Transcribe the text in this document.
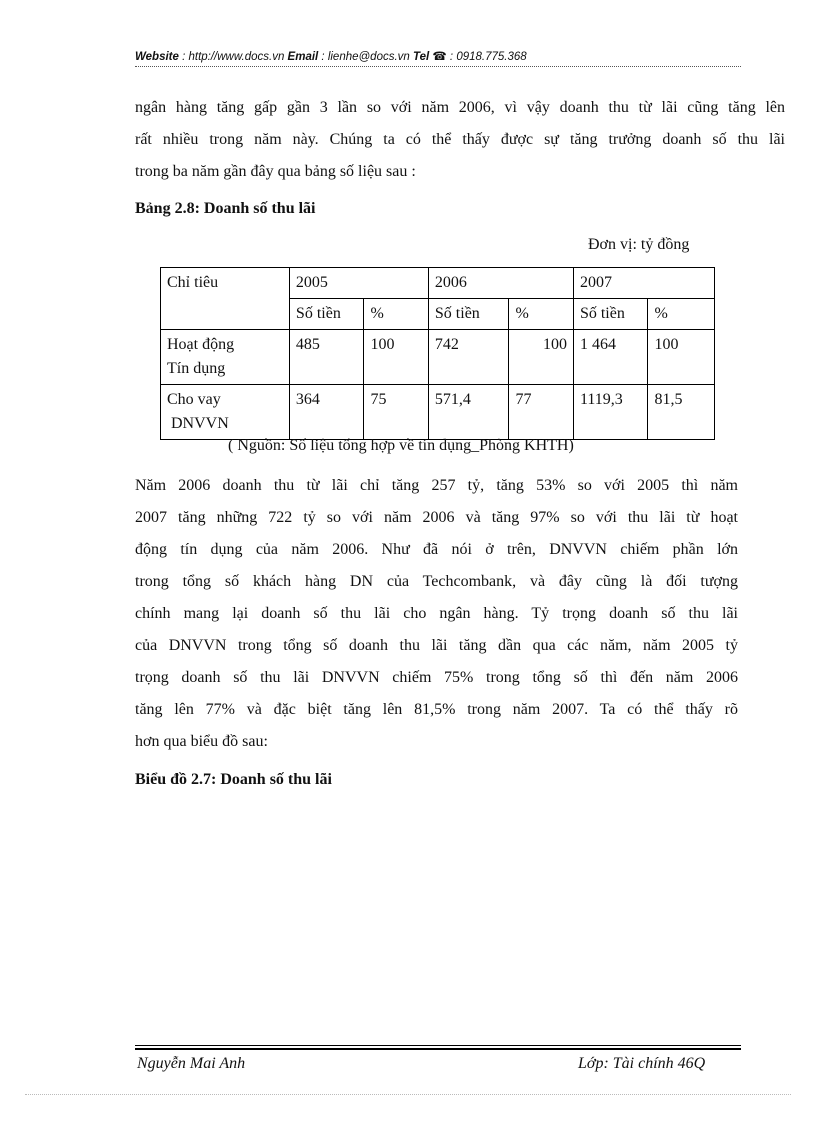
Website : http://www.docs.vn Email : lienhe@docs.vn Tel ☎ : 0918.775.368

ngân hàng tăng gấp gần 3 lần so với năm 2006, vì vậy doanh thu từ lãi cũng tăng lên

rất nhiều trong năm này. Chúng ta có thể thấy được sự tăng trưởng doanh số thu lãi

trong ba năm gần đây qua bảng số liệu sau :

Bảng 2.8: Doanh số thu lãi

Đơn vị: tỷ đồng
Chỉ tiêu	2005		2006		2007	
	Số tiền	%	Số tiền	%	Số tiền	%

Hoạt động
Tín dụng	485	100	742	100	1 464	100

Cho vay
DNVVN	364	75	571,4	77	1119,3	81,5
( Nguồn: Số liệu tổng hợp về tín dụng_Phòng KHTH)

Năm 2006 doanh thu từ lãi chỉ tăng 257 tỷ, tăng 53% so với 2005 thì năm

2007 tăng những 722 tỷ so với năm 2006 và tăng 97% so với thu lãi từ hoạt

động tín dụng của năm 2006. Như đã nói ở trên, DNVVN chiếm phần lớn

trong tổng số khách hàng DN của Techcombank, và đây cũng là đối tượng

chính mang lại doanh số thu lãi cho ngân hàng. Tỷ trọng doanh số thu lãi

của DNVVN trong tổng số doanh thu lãi tăng dần qua các năm, năm 2005 tỷ

trọng doanh số thu lãi DNVVN chiếm 75% trong tổng số thì đến năm 2006

tăng lên 77% và đặc biệt tăng lên 81,5% trong năm 2007. Ta có thể thấy rõ

hơn qua biểu đồ sau:

Biểu đồ 2.7: Doanh số thu lãi

Nguyễn Mai Anh	Lớp: Tài chính 46Q
